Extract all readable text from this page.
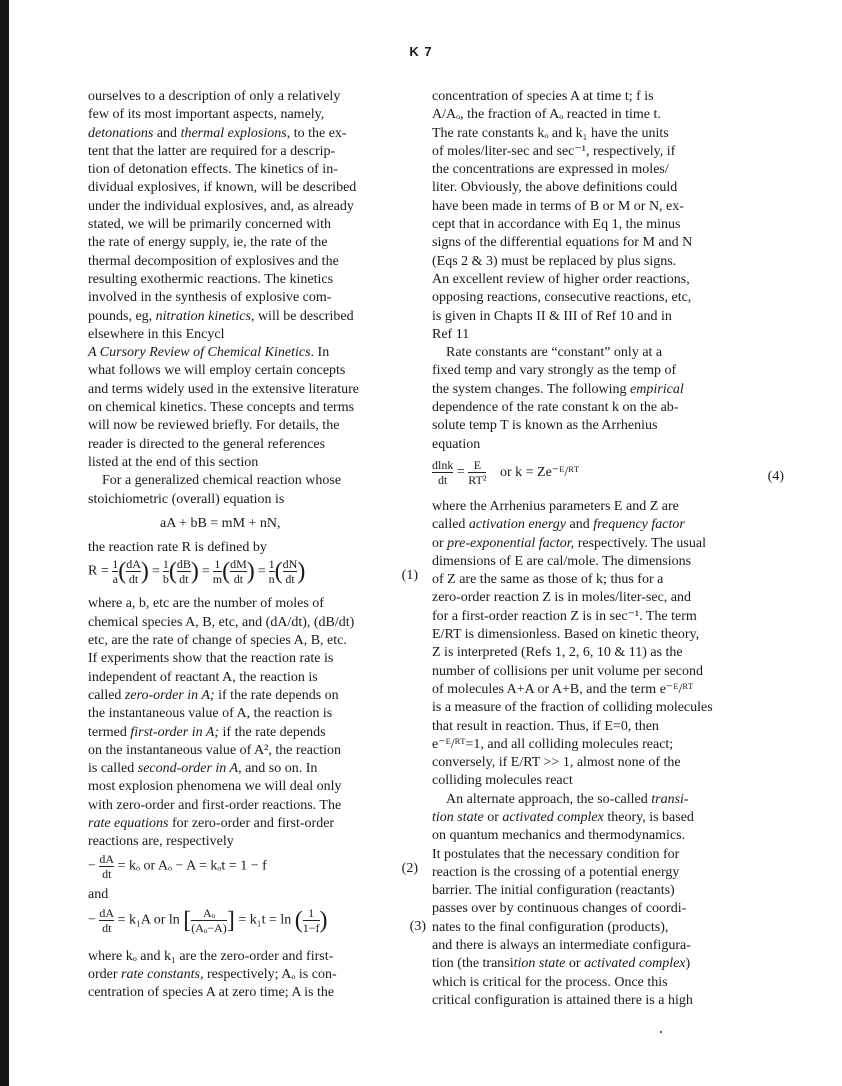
K 7
ourselves to a description of only a relatively
few of its most important aspects, namely,
detonations and thermal explosions, to the ex-
tent that the latter are required for a descrip-
tion of detonation effects. The kinetics of in-
dividual explosives, if known, will be described
under the individual explosives, and, as already
stated, we will be primarily concerned with
the rate of energy supply, ie, the rate of the
thermal decomposition of explosives and the
resulting exothermic reactions. The kinetics
involved in the synthesis of explosive com-
pounds, eg, nitration kinetics, will be described
elsewhere in this Encycl
A Cursory Review of Chemical Kinetics. In
what follows we will employ certain concepts
and terms widely used in the extensive literature
on chemical kinetics. These concepts and terms
will now be reviewed briefly. For details, the
reader is directed to the general references
listed at the end of this section
For a generalized chemical reaction whose
stoichiometric (overall) equation is
aA + bB = mM + nN,
the reaction rate R is defined by
$R = \frac{1}{a}$ ( $\frac{dA}{dt}$ ) = $\frac{1}{b}$ ( $\frac{dB}{dt}$ ) = $\frac{1}{m}$ ( $\frac{dM}{dt}$ ) = $\frac{1}{n}$ ( $\frac{dN}{dt}$ )	(1)
where a, b, etc are the number of moles of
chemical species A, B, etc, and (dA/dt), (dB/dt)
etc, are the rate of change of species A, B, etc.
If experiments show that the reaction rate is
independent of reactant A, the reaction is
called zero-order in A; if the rate depends on
the instantaneous value of A, the reaction is
termed first-order in A; if the rate depends
on the instantaneous value of A², the reaction
is called second-order in A, and so on. In
most explosion phenomena we will deal only
with zero-order and first-order reactions. The
rate equations for zero-order and first-order
reactions are, respectively
− $\frac{dA}{dt} = k_o$ or Aₒ − A = kₒt = 1 − f	(2)
and
− $\frac{dA}{dt} = k_1A$ or ln [ $\frac{\text{Aₒ}}{\text{(Aₒ−A)}}$ ] = k₁t = ln ( $\frac{1}{1-f}$ )	(3)
where kₒ and k₁ are the zero-order and first-
order rate constants, respectively; Aₒ is con-
centration of species A at zero time; A is the
concentration of species A at time t; f is
A/Aₒ, the fraction of Aₒ reacted in time t.
The rate constants kₒ and k₁ have the units
of moles/liter-sec and sec⁻¹, respectively, if
the concentrations are expressed in moles/
liter. Obviously, the above definitions could
have been made in terms of B or M or N, ex-
cept that in accordance with Eq 1, the minus
signs of the differential equations for M and N
(Eqs 2 & 3) must be replaced by plus signs.
An excellent review of higher order reactions,
opposing reactions, consecutive reactions, etc,
is given in Chapts II & III of Ref 10 and in
Ref 11
Rate constants are “constant” only at a
fixed temp and vary strongly as the temp of
the system changes. The following empirical
dependence of the rate constant k on the ab-
solute temp T is known as the Arrhenius
equation
$\frac{dlnk}{dt} = \frac{E}{\text{RT²}}$ or k = Ze⁻ᴱ/ᴿᵀ	(4)
where the Arrhenius parameters E and Z are
called activation energy and frequency factor
or pre-exponential factor, respectively. The usual
dimensions of E are cal/mole. The dimensions
of Z are the same as those of k; thus for a
zero-order reaction Z is in moles/liter-sec, and
for a first-order reaction Z is in sec⁻¹. The term
E/RT is dimensionless. Based on kinetic theory,
Z is interpreted (Refs 1, 2, 6, 10 & 11) as the
number of collisions per unit volume per second
of molecules A+A or A+B, and the term e⁻ᴱ/ᴿᵀ
is a measure of the fraction of colliding molecules
that result in reaction. Thus, if E=0, then
e⁻ᴱ/ᴿᵀ=1, and all colliding molecules react;
conversely, if E/RT >> 1, almost none of the
colliding molecules react
An alternate approach, the so-called transi-
tion state or activated complex theory, is based
on quantum mechanics and thermodynamics.
It postulates that the necessary condition for
reaction is the crossing of a potential energy
barrier. The initial configuration (reactants)
passes over by continuous changes of coordi-
nates to the final configuration (products),
and there is always an intermediate configura-
tion (the transition state or activated complex)
which is critical for the process. Once this
critical configuration is attained there is a high
